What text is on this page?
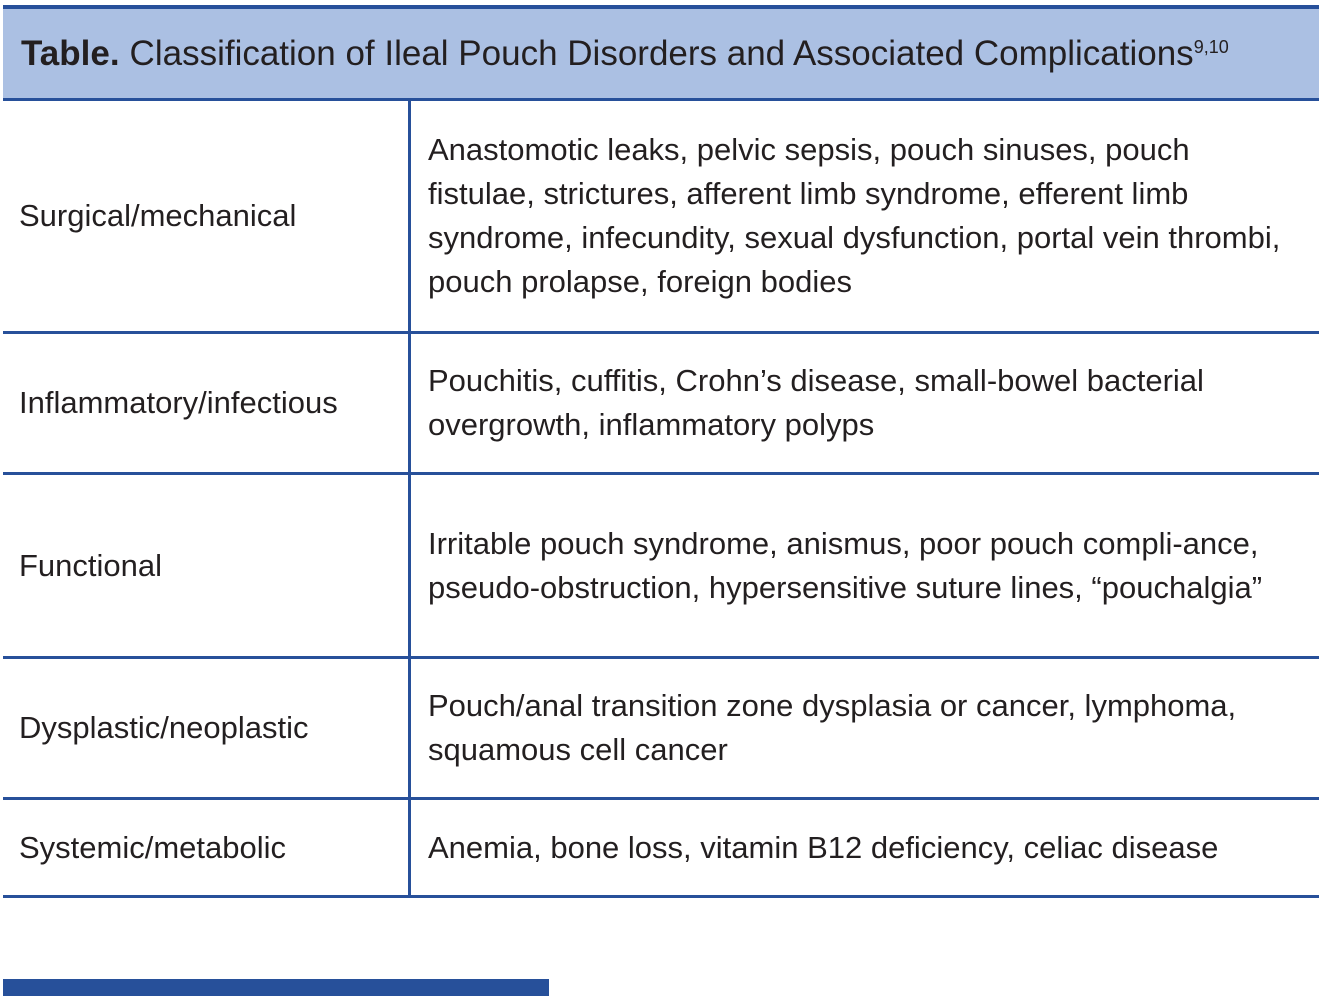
Table. Classification of Ileal Pouch Disorders and Associated Complications$^{9,10}$
Surgical/mechanical
Anastomotic leaks, pelvic sepsis, pouch sinuses, pouch fistulae, strictures, afferent limb syndrome, efferent limb syndrome, infecundity, sexual dysfunction, portal vein thrombi, pouch prolapse, foreign bodies
Inflammatory/infectious
Pouchitis, cuffitis, Crohn’s disease, small-bowel bacterial overgrowth, inflammatory polyps
Functional
Irritable pouch syndrome, anismus, poor pouch compli-ance, pseudo-obstruction, hypersensitive suture lines, “pouchalgia”
Dysplastic/neoplastic
Pouch/anal transition zone dysplasia or cancer, lymphoma, squamous cell cancer
Systemic/metabolic	Anemia, bone loss, vitamin B12 deficiency, celiac disease
